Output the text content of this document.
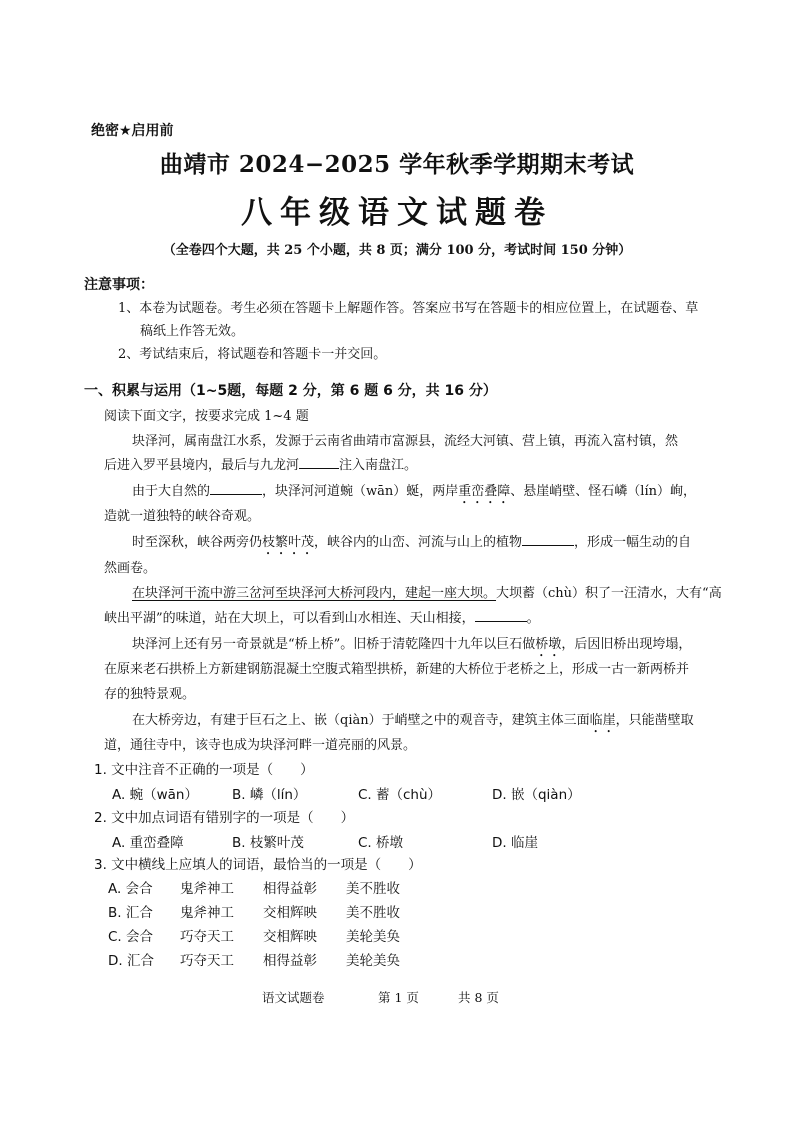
绝密★启用前
曲靖市 2024−2025 学年秋季学期期末考试
八年级语文试题卷
（全卷四个大题，共 25 个小题，共 8 页；满分 100 分，考试时间 150 分钟）
注意事项：
1、本卷为试题卷。考生必须在答题卡上解题作答。答案应书写在答题卡的相应位置上，在试题卷、草
稿纸上作答无效。
2、考试结束后，将试题卷和答题卡一并交回。
一、积累与运用（1~5题，每题 2 分，第 6 题 6 分，共 16 分）
阅读下面文字，按要求完成 1~4 题
块泽河，属南盘江水系，发源于云南省曲靖市富源县，流经大河镇、营上镇，再流入富村镇，然
后进入罗平县境内，最后与九龙河	注入南盘江。
由于大自然的	，块泽河河道蜿（wān）蜒，两岸重峦叠障、悬崖峭壁、怪石嶙（lín）峋，
造就一道独特的峡谷奇观。
时至深秋，峡谷两旁仍枝繁叶茂，峡谷内的山峦、河流与山上的植物	，形成一幅生动的自
然画卷。
在块泽河干流中游三岔河至块泽河大桥河段内，建起一座大坝。大坝蓄（chù）积了一汪清水，大有“高
峡出平湖”的味道，站在大坝上，可以看到山水相连、天山相接，	。
块泽河上还有另一奇景就是“桥上桥”。旧桥于清乾隆四十九年以巨石做桥墩，后因旧桥出现垮塌，
在原来老石拱桥上方新建钢筋混凝土空腹式箱型拱桥，新建的大桥位于老桥之上，形成一古一新两桥并
存的独特景观。
在大桥旁边，有建于巨石之上、嵌（qiàn）于峭壁之中的观音寺，建筑主体三面临崖，只能凿壁取
道，通往寺中，该寺也成为块泽河畔一道亮丽的风景。
1. 文中注音不正确的一项是（　　）
A. 蜿（wān）	B. 嶙（lín）	C. 蓄（chù）	D. 嵌（qiàn）
2. 文中加点词语有错别字的一项是（　　）
A. 重峦叠障	B. 枝繁叶茂	C. 桥墩	D. 临崖
3. 文中横线上应填人的词语，最恰当的一项是（　　）
A. 会合 鬼斧神工 相得益彰 美不胜收
B. 汇合 鬼斧神工 交相辉映 美不胜收
C. 会合 巧夺天工 交相辉映 美轮美奂
D. 汇合 巧夺天工 相得益彰 美轮美奂
语文试题卷	第 1 页	共 8 页
